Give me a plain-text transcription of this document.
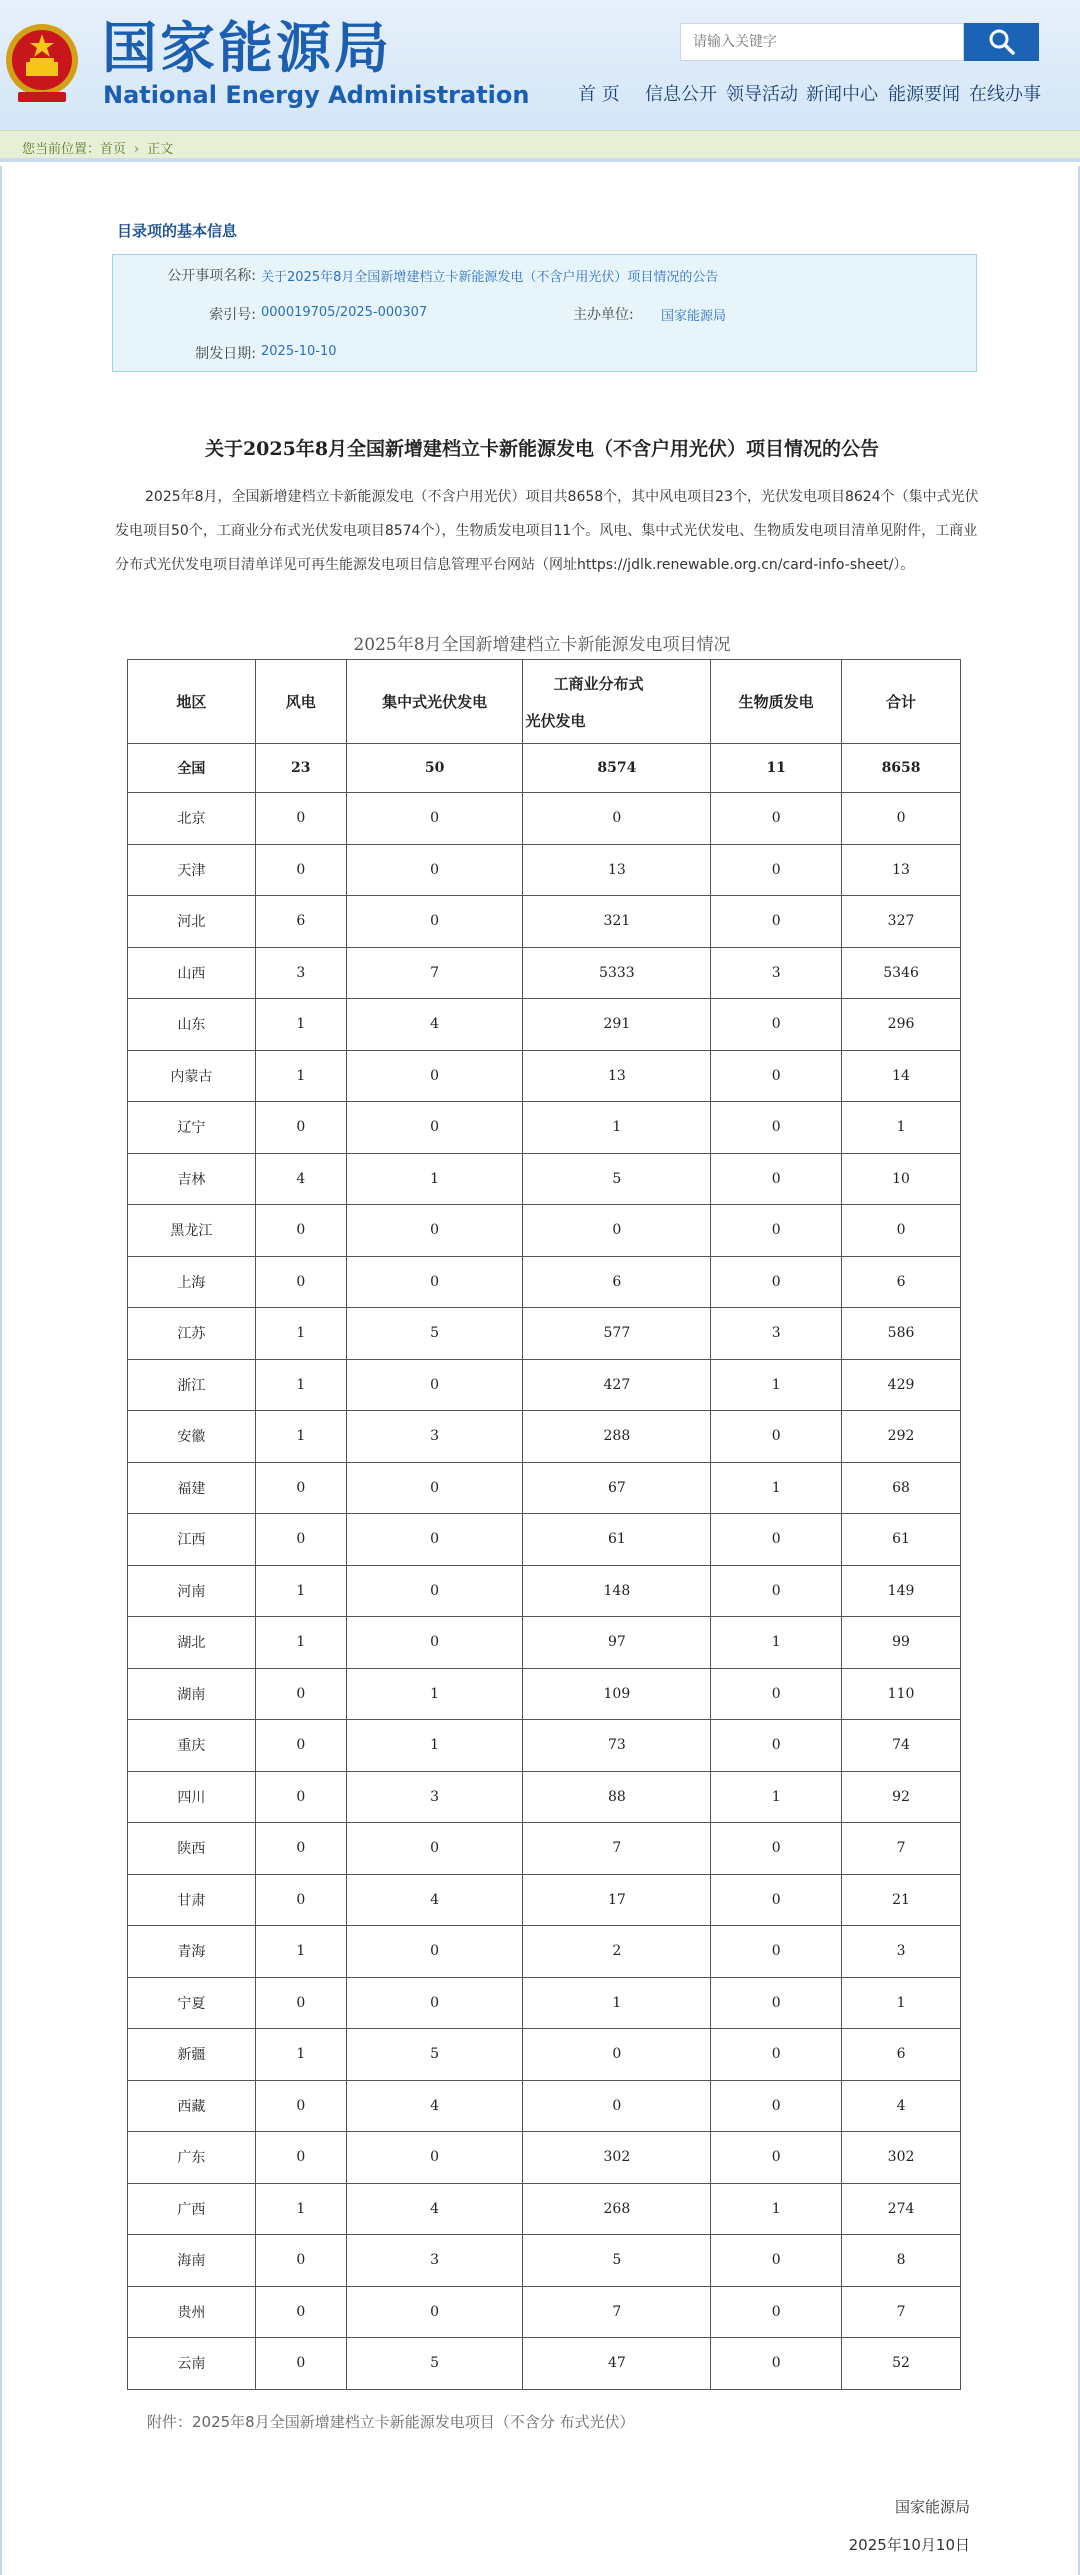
国家能源局
National Energy Administration
请输入关键字	首 页 信息公开 领导活动 新闻中心 能源要闻 在线办事
您当前位置：首页 › 正文
目录项的基本信息
公开事项名称: 关于2025年8月全国新增建档立卡新能源发电（不含户用光伏）项目情况的公告
索引号: 000019705/2025-000307	主办单位: 国家能源局
制发日期: 2025-10-10
关于2025年8月全国新增建档立卡新能源发电（不含户用光伏）项目情况的公告
2025年8月，全国新增建档立卡新能源发电（不含户用光伏）项目共8658个，其中风电项目23个，光伏发电项目8624个（集中式光伏发电项目50个，工商业分布式光伏发电项目8574个），生物质发电项目11个。风电、集中式光伏发电、生物质发电项目清单见附件，工商业分布式光伏发电项目清单详见可再生能源发电项目信息管理平台网站（网址https://jdlk.renewable.org.cn/card-info-sheet/）。
2025年8月全国新增建档立卡新能源发电项目情况
地区	风电	集中式光伏发电	工商业分布式
光伏发电	生物质发电	合计
全国	23	50	8574	11	8658
北京	0	0	0	0	0
天津	0	0	13	0	13
河北	6	0	321	0	327
山西	3	7	5333	3	5346
山东	1	4	291	0	296
内蒙古	1	0	13	0	14
辽宁	0	0	1	0	1
吉林	4	1	5	0	10
黑龙江	0	0	0	0	0
上海	0	0	6	0	6
江苏	1	5	577	3	586
浙江	1	0	427	1	429
安徽	1	3	288	0	292
福建	0	0	67	1	68
江西	0	0	61	0	61
河南	1	0	148	0	149
湖北	1	0	97	1	99
湖南	0	1	109	0	110
重庆	0	1	73	0	74
四川	0	3	88	1	92
陕西	0	0	7	0	7
甘肃	0	4	17	0	21
青海	1	0	2	0	3
宁夏	0	0	1	0	1
新疆	1	5	0	0	6
西藏	0	4	0	0	4
广东	0	0	302	0	302
广西	1	4	268	1	274
海南	0	3	5	0	8
贵州	0	0	7	0	7
云南	0	5	47	0	52
附件：2025年8月全国新增建档立卡新能源发电项目（不含分 布式光伏）
国家能源局
2025年10月10日
